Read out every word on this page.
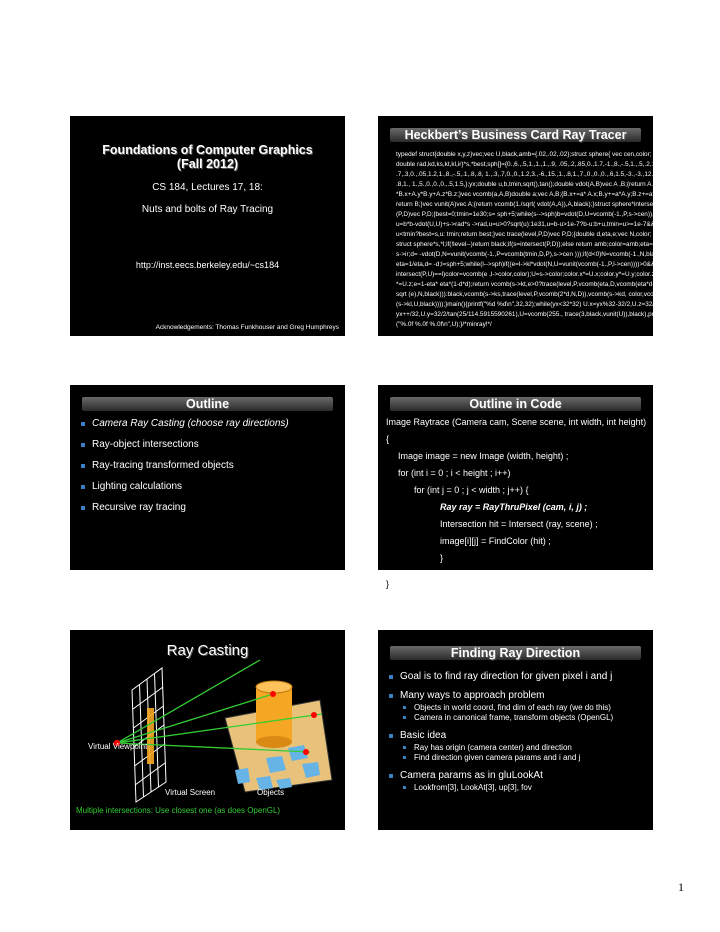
Foundations of Computer Graphics
(Fall 2012)
CS 184, Lectures 17, 18:
Nuts and bolts of Ray Tracing
http://inst.eecs.berkeley.edu/~cs184
Acknowledgements: Thomas Funkhouser and Greg Humphreys
Heckbert’s Business Card Ray Tracer
typedef struct{double x,y,z}vec;vec U,black,amb={.02,.02,.02};struct sphere{ vec cen,color;
double rad,kd,ks,kt,kl,ir}*s,*best,sph[]={0.,6.,.5,1.,1.,1.,.9, .05,.2,.85,0.,1.7,-1.,8.,-.5,1.,.5,.2,1.,
.7,.3,0.,.05,1.2,1.,8.,-.5,.1,.8,.8, 1.,.3,.7,0.,0.,1.2,3.,-6.,15.,1.,.8,1.,7.,0.,0.,0.,.6,1.5,-3.,-3.,12.,
.8,1., 1.,5.,0.,0.,0.,.5,1.5,};yx;double u,b,tmin,sqrt(),tan();double vdot(A,B)vec A ,B;{return A.x
*B.x+A.y*B.y+A.z*B.z;}vec vcomb(a,A,B)double a;vec A,B;{B.x+=a* A.x;B.y+=a*A.y;B.z+=a*A.z;
return B;}vec vunit(A)vec A;{return vcomb(1./sqrt( vdot(A,A)),A,black);}struct sphere*intersect
(P,D)vec P,D;{best=0;tmin=1e30;s= sph+5;while(s-->sph)b=vdot(D,U=vcomb(-1.,P,s->cen)),
u=b*b-vdot(U,U)+s->rad*s ->rad,u=u>0?sqrt(u):1e31,u=b-u>1e-7?b-u:b+u,tmin=u>=1e-7&&
u<tmin?best=s,u: tmin;return best;}vec trace(level,P,D)vec P,D;{double d,eta,e;vec N,color;
struct sphere*s,*l;if(!level--)return black;if(s=intersect(P,D));else return amb;color=amb;eta=
s->ir;d= -vdot(D,N=vunit(vcomb(-1.,P=vcomb(tmin,D,P),s->cen )));if(d<0)N=vcomb(-1.,N,black),
eta=1/eta,d= -d;l=sph+5;while(l-->sph)if((e=l->kl*vdot(N,U=vunit(vcomb(-1.,P,l->cen))))>0&&
intersect(P,U)==l)color=vcomb(e ,l->color,color);U=s->color;color.x*=U.x;color.y*=U.y;color.z
*=U.z;e=1-eta* eta*(1-d*d);return vcomb(s->kt,e>0?trace(level,P,vcomb(eta,D,vcomb(eta*d-
sqrt (e),N,black))):black,vcomb(s->ks,trace(level,P,vcomb(2*d,N,D)),vcomb(s->kd, color,vcomb
(s->kl,U,black))));}main(){printf("%d %d\n",32,32);while(yx<32*32) U.x=yx%32-32/2,U.z=32/2-
yx++/32,U.y=32/2/tan(25/114.5915590261),U=vcomb(255., trace(3,black,vunit(U)),black),printf
("%.0f %.0f %.0f\n",U);}/*minray!*/
Outline
Camera Ray Casting (choose ray directions)
Ray-object intersections
Ray-tracing transformed objects
Lighting calculations
Recursive ray tracing
Outline in Code
Image Raytrace (Camera cam, Scene scene, int width, int height)
{
Image image = new Image (width, height) ;
for (int i = 0 ; i < height ; i++)
for (int j = 0 ; j < width ; j++) {
Ray ray = RayThruPixel (cam, i, j) ;
Intersection hit = Intersect (ray, scene) ;
image[i][j] = FindColor (hit) ;
}
return image ;
}
Ray Casting
Virtual Viewpoint
Virtual Screen	Objects
Multiple intersections: Use closest one (as does OpenGL)
Finding Ray Direction
Goal is to find ray direction for given pixel i and j
Many ways to approach problem
Objects in world coord, find dim of each ray (we do this)
Camera in canonical frame, transform objects (OpenGL)
Basic idea
Ray has origin (camera center) and direction
Find direction given camera params and i and j
Camera params as in gluLookAt
Lookfrom[3], LookAt[3], up[3], fov
1
